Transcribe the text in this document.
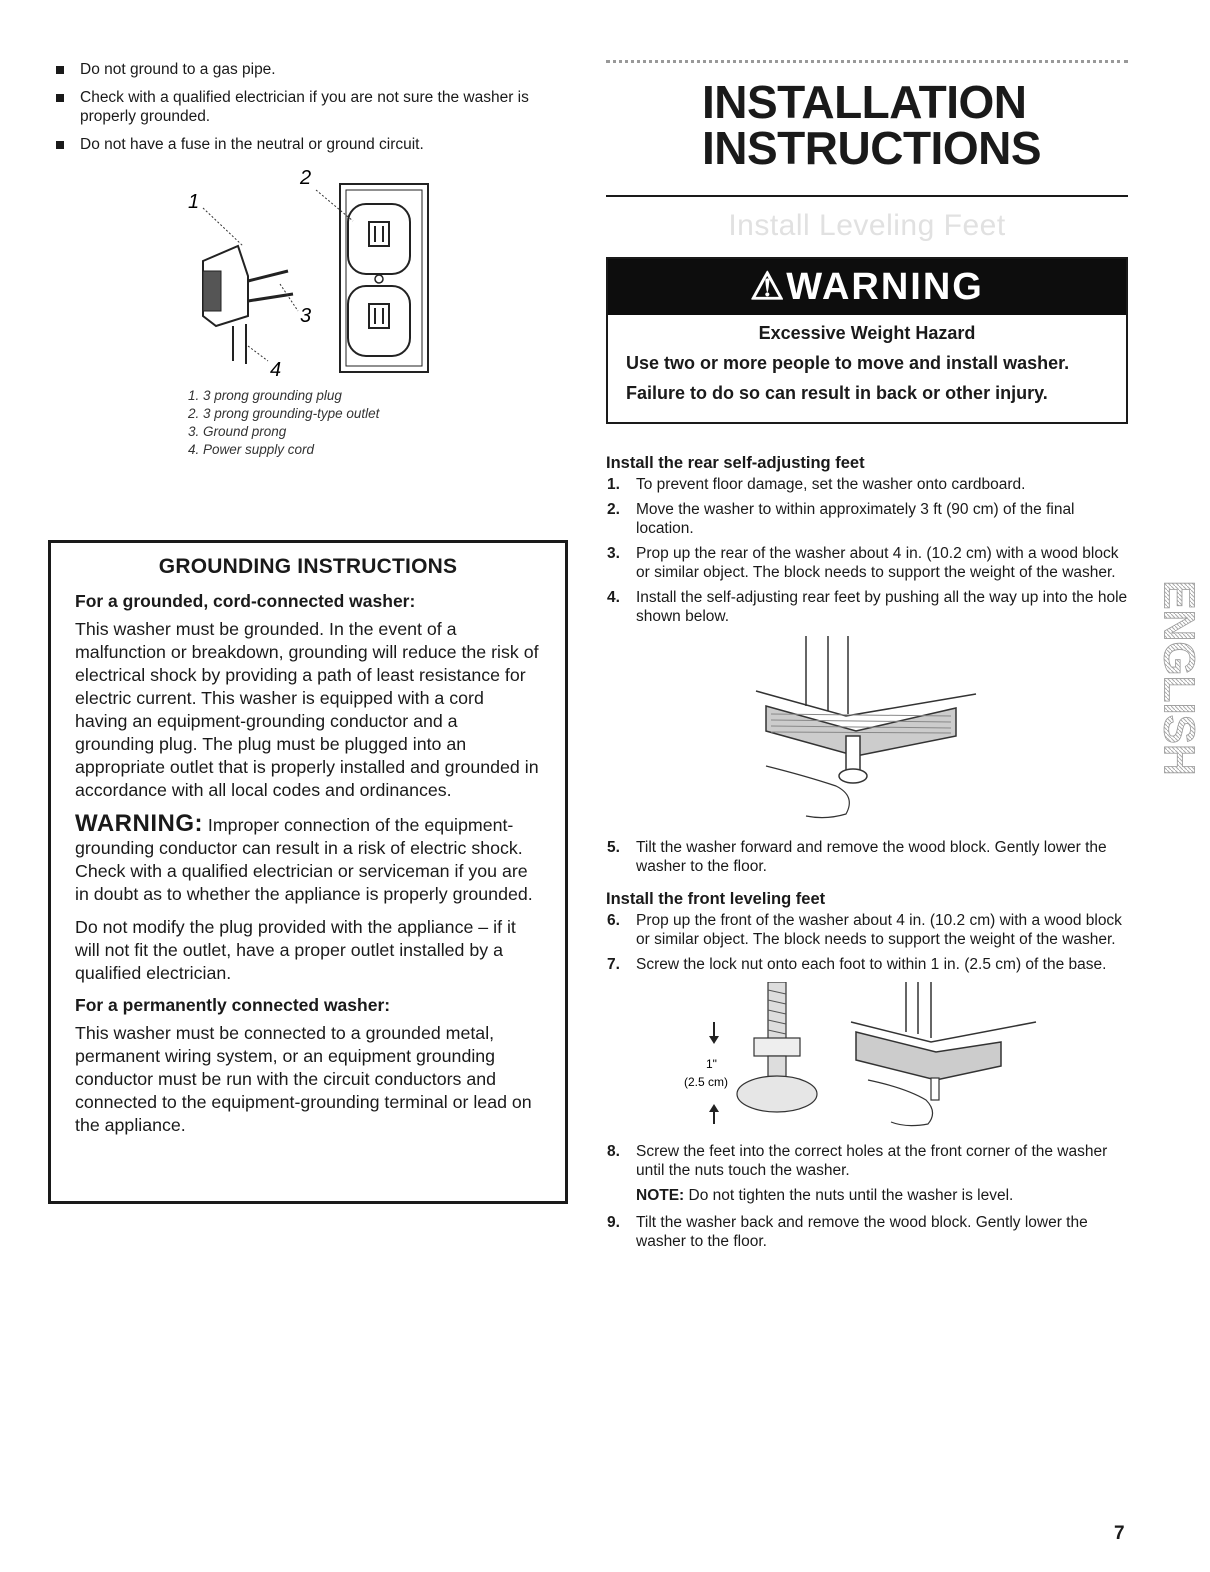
Do not ground to a gas pipe.
Check with a qualified electrician if you are not sure the washer is properly grounded.
Do not have a fuse in the neutral or ground circuit.
1
2
3
4
1. 3 prong grounding plug
2. 3 prong grounding-type outlet
3. Ground prong
4. Power supply cord
GROUNDING INSTRUCTIONS
For a grounded, cord-connected washer:

This washer must be grounded. In the event of a malfunction or breakdown, grounding will reduce the risk of electrical shock by providing a path of least resistance for electric current. This washer is equipped with a cord having an equipment-grounding conductor and a grounding plug. The plug must be plugged into an appropriate outlet that is properly installed and grounded in accordance with all local codes and ordinances.

WARNING: Improper connection of the equipment-grounding conductor can result in a risk of electric shock. Check with a qualified electrician or serviceman if you are in doubt as to whether the appliance is properly grounded.

Do not modify the plug provided with the appliance – if it will not fit the outlet, have a proper outlet installed by a qualified electrician.

For a permanently connected washer:

This washer must be connected to a grounded metal, permanent wiring system, or an equipment grounding conductor must be run with the circuit conductors and connected to the equipment-grounding terminal or lead on the appliance.

INSTALLATION
INSTRUCTIONS
Install Leveling Feet
⚠WARNING
Excessive Weight Hazard

Use two or more people to move and install washer.

Failure to do so can result in back or other injury.

Install the rear self-adjusting feet
1. To prevent floor damage, set the washer onto cardboard.
2. Move the washer to within approximately 3 ft (90 cm) of the final location.
3. Prop up the rear of the washer about 4 in. (10.2 cm) with a wood block or similar object. The block needs to support the weight of the washer.
4. Install the self-adjusting rear feet by pushing all the way up into the hole shown below.
5. Tilt the washer forward and remove the wood block. Gently lower the washer to the floor.
Install the front leveling feet
6. Prop up the front of the washer about 4 in. (10.2 cm) with a wood block or similar object. The block needs to support the weight of the washer.
7. Screw the lock nut onto each foot to within 1 in. (2.5 cm) of the base.
1"
(2.5 cm)
8. Screw the feet into the correct holes at the front corner of the washer until the nuts touch the washer.
NOTE: Do not tighten the nuts until the washer is level.
9. Tilt the washer back and remove the wood block. Gently lower the washer to the floor.
ENGLISH
7
